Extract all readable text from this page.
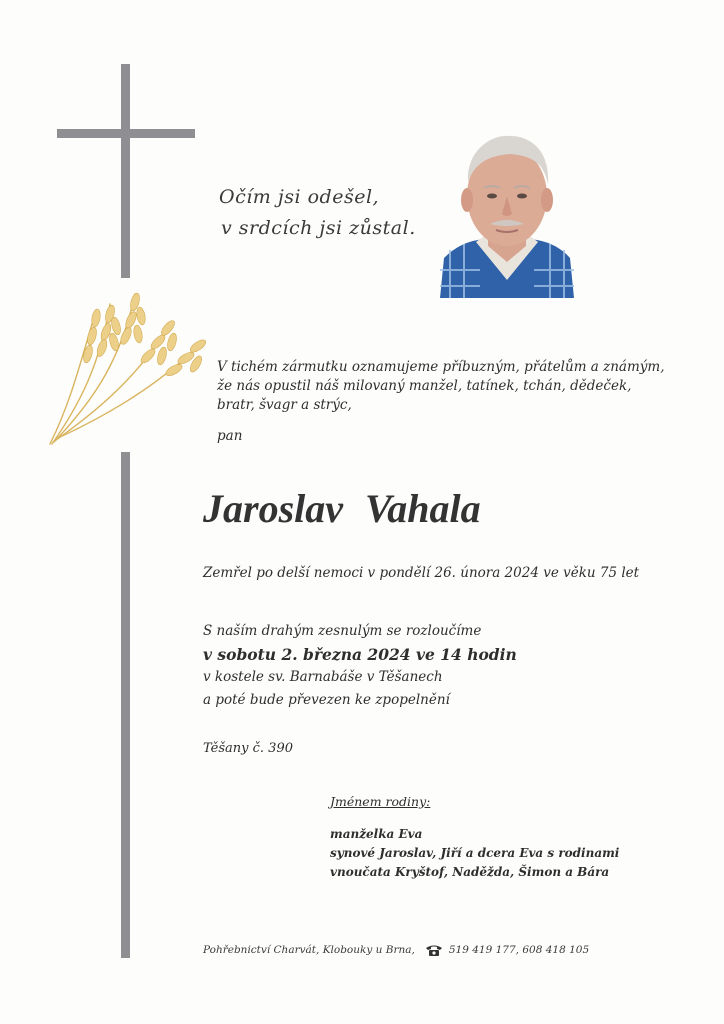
Očím jsi odešel,
v srdcích jsi zůstal.
V tichém zármutku oznamujeme příbuzným, přátelům a známým,
že nás opustil náš milovaný manžel, tatínek, tchán, dědeček,
bratr, švagr a strýc,
pan
Jaroslav Vahala
Zemřel po delší nemoci v pondělí 26. února 2024 ve věku 75 let
S naším drahým zesnulým se rozloučíme
v sobotu 2. března 2024 ve 14 hodin
v kostele sv. Barnabáše v Těšanech
a poté bude převezen ke zpopelnění
Těšany č. 390
Jménem rodiny:
manželka Eva
synové Jaroslav, Jiří a dcera Eva s rodinami
vnoučata Kryštof, Naděžda, Šimon a Bára
Pohřebnictví Charvát, Klobouky u Brna,	519 419 177, 608 418 105
